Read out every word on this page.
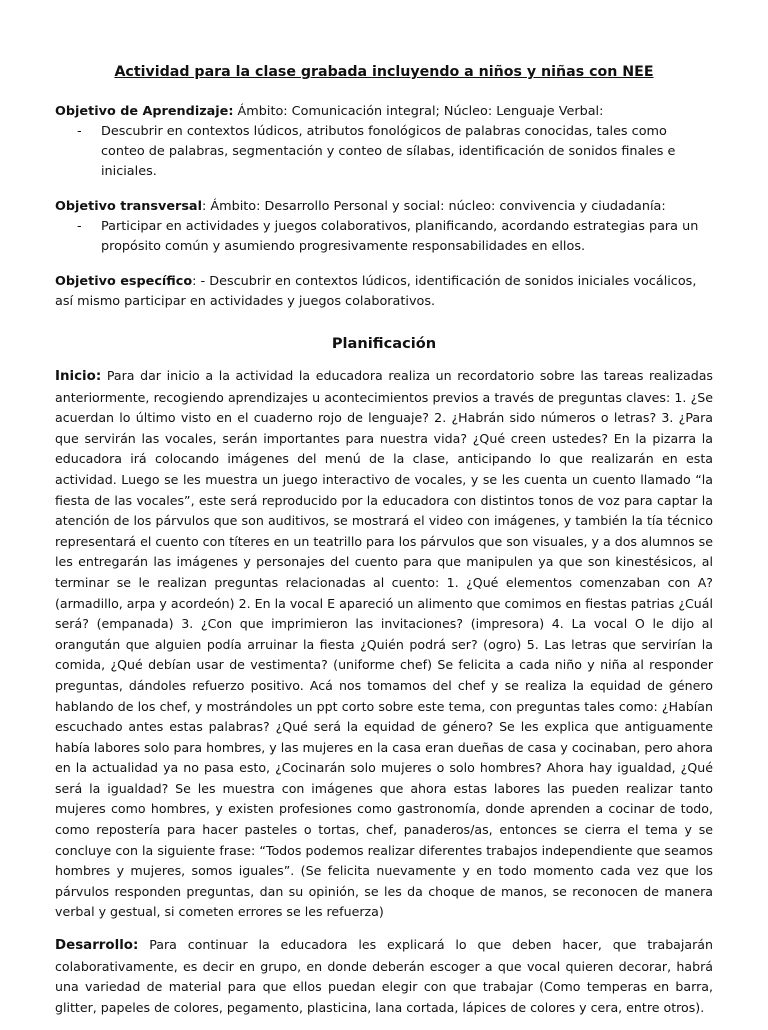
Actividad para la clase grabada incluyendo a niños y niñas con NEE

Objetivo de Aprendizaje: Ámbito: Comunicación integral; Núcleo: Lenguaje Verbal:

- Descubrir en contextos lúdicos, atributos fonológicos de palabras conocidas, tales como conteo de palabras, segmentación y conteo de sílabas, identificación de sonidos finales e iniciales.

Objetivo transversal: Ámbito: Desarrollo Personal y social: núcleo: convivencia y ciudadanía:

- Participar en actividades y juegos colaborativos, planificando, acordando estrategias para un propósito común y asumiendo progresivamente responsabilidades en ellos.

Objetivo específico: - Descubrir en contextos lúdicos, identificación de sonidos iniciales vocálicos, así mismo participar en actividades y juegos colaborativos.

Planificación

Inicio: Para dar inicio a la actividad la educadora realiza un recordatorio sobre las tareas realizadas anteriormente, recogiendo aprendizajes u acontecimientos previos a través de preguntas claves: 1. ¿Se acuerdan lo último visto en el cuaderno rojo de lenguaje? 2. ¿Habrán sido números o letras? 3. ¿Para que servirán las vocales, serán importantes para nuestra vida? ¿Qué creen ustedes? En la pizarra la educadora irá colocando imágenes del menú de la clase, anticipando lo que realizarán en esta actividad. Luego se les muestra un juego interactivo de vocales, y se les cuenta un cuento llamado “la fiesta de las vocales”, este será reproducido por la educadora con distintos tonos de voz para captar la atención de los párvulos que son auditivos, se mostrará el video con imágenes, y también la tía técnico representará el cuento con títeres en un teatrillo para los párvulos que son visuales, y a dos alumnos se les entregarán las imágenes y personajes del cuento para que manipulen ya que son kinestésicos, al terminar se le realizan preguntas relacionadas al cuento: 1. ¿Qué elementos comenzaban con A? (armadillo, arpa y acordeón) 2. En la vocal E apareció un alimento que comimos en fiestas patrias ¿Cuál será? (empanada) 3. ¿Con que imprimieron las invitaciones? (impresora) 4. La vocal O le dijo al orangután que alguien podía arruinar la fiesta ¿Quién podrá ser? (ogro) 5. Las letras que servirían la comida, ¿Qué debían usar de vestimenta? (uniforme chef) Se felicita a cada niño y niña al responder preguntas, dándoles refuerzo positivo. Acá nos tomamos del chef y se realiza la equidad de género hablando de los chef, y mostrándoles un ppt corto sobre este tema, con preguntas tales como: ¿Habían escuchado antes estas palabras? ¿Qué será la equidad de género? Se les explica que antiguamente había labores solo para hombres, y las mujeres en la casa eran dueñas de casa y cocinaban, pero ahora en la actualidad ya no pasa esto, ¿Cocinarán solo mujeres o solo hombres? Ahora hay igualdad, ¿Qué será la igualdad? Se les muestra con imágenes que ahora estas labores las pueden realizar tanto mujeres como hombres, y existen profesiones como gastronomía, donde aprenden a cocinar de todo, como repostería para hacer pasteles o tortas, chef, panaderos/as, entonces se cierra el tema y se concluye con la siguiente frase: “Todos podemos realizar diferentes trabajos independiente que seamos hombres y mujeres, somos iguales”. (Se felicita nuevamente y en todo momento cada vez que los párvulos responden preguntas, dan su opinión, se les da choque de manos, se reconocen de manera verbal y gestual, si cometen errores se les refuerza)

Desarrollo: Para continuar la educadora les explicará lo que deben hacer, que trabajarán colaborativamente, es decir en grupo, en donde deberán escoger a que vocal quieren decorar, habrá una variedad de material para que ellos puedan elegir con que trabajar (Como temperas en barra, glitter, papeles de colores, pegamento, plasticina, lana cortada, lápices de colores y cera, entre otros).
